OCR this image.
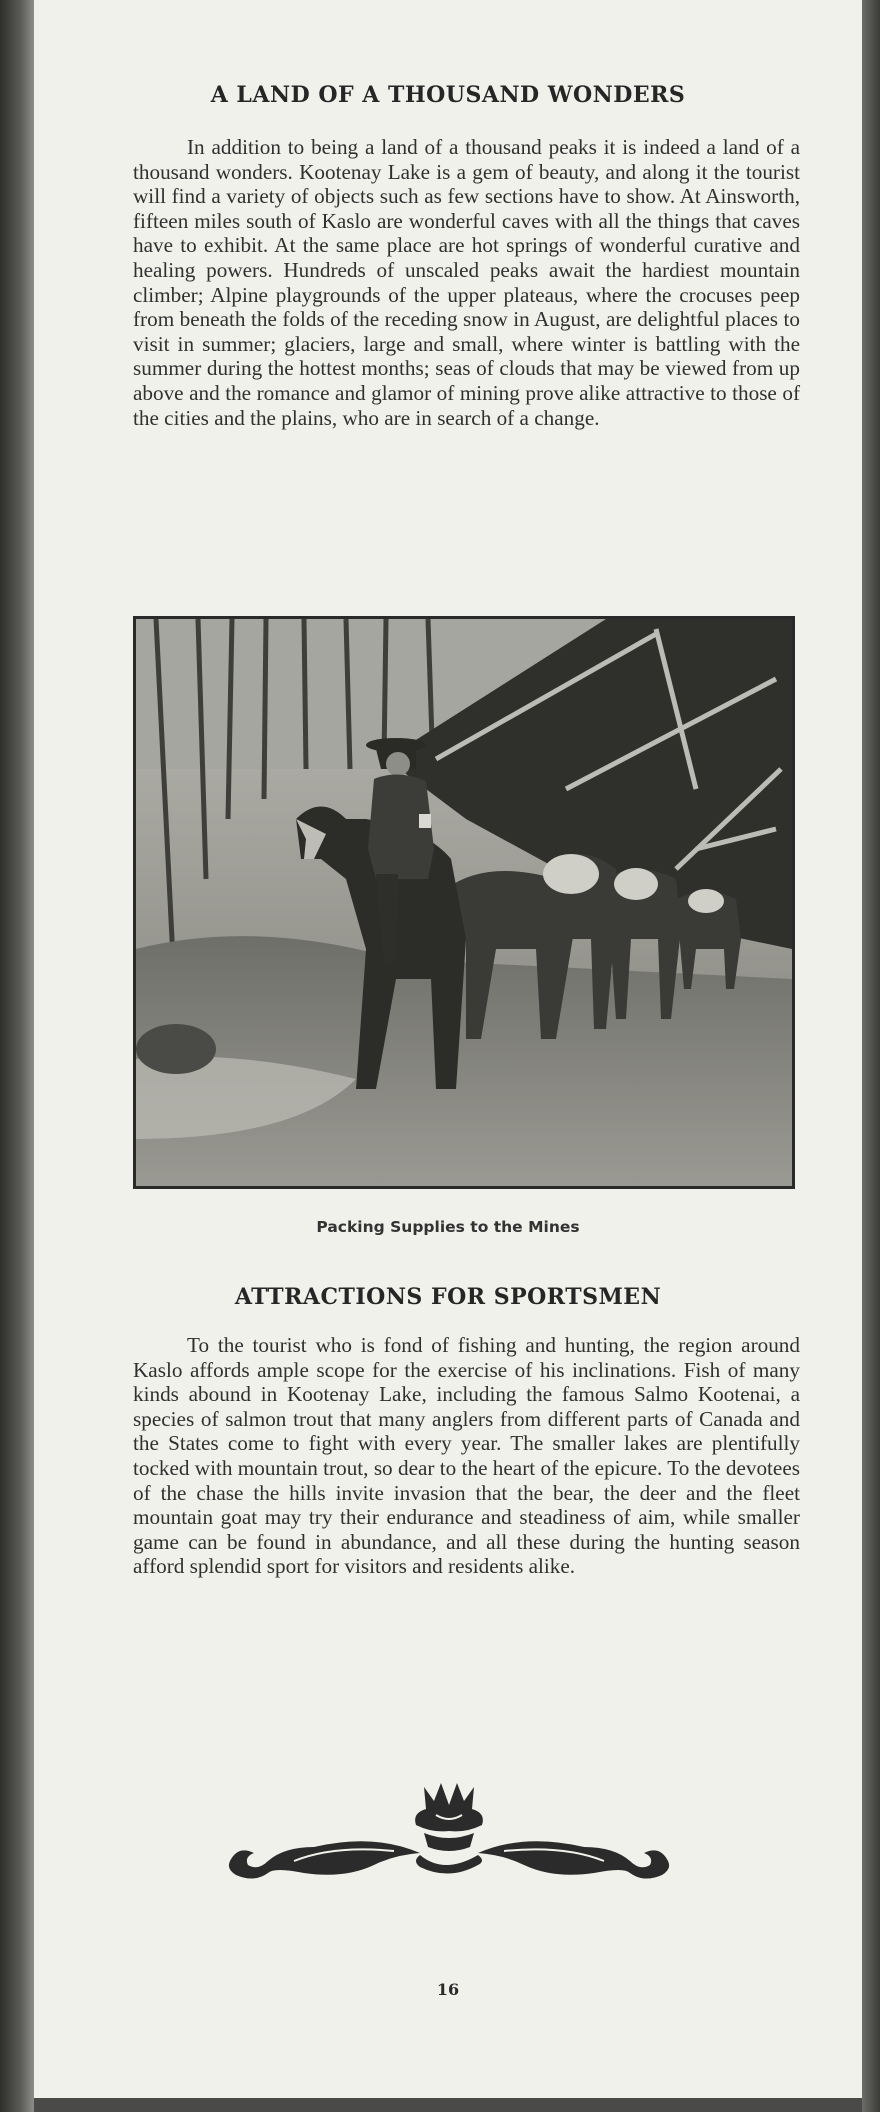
A LAND OF A THOUSAND WONDERS

In addition to being a land of a thousand peaks it is indeed a land of a thousand wonders. Kootenay Lake is a gem of beauty, and along it the tourist will find a variety of objects such as few sections have to show. At Ainsworth, fifteen miles south of Kaslo are wonderful caves with all the things that caves have to exhibit. At the same place are hot springs of wonderful curative and healing powers. Hundreds of unscaled peaks await the hardiest mountain climber; Alpine playgrounds of the upper plateaus, where the crocuses peep from beneath the folds of the receding snow in August, are delightful places to visit in summer; glaciers, large and small, where winter is battling with the summer during the hottest months; seas of clouds that may be viewed from up above and the romance and glamor of mining prove alike attractive to those of the cities and the plains, who are in search of a change.

Packing Supplies to the Mines

ATTRACTIONS FOR SPORTSMEN

To the tourist who is fond of fishing and hunting, the region around Kaslo affords ample scope for the exercise of his inclinations. Fish of many kinds abound in Kootenay Lake, including the famous Salmo Kootenai, a species of salmon trout that many anglers from different parts of Canada and the States come to fight with every year. The smaller lakes are plentifully tocked with mountain trout, so dear to the heart of the epicure. To the devotees of the chase the hills invite invasion that the bear, the deer and the fleet mountain goat may try their endurance and steadiness of aim, while smaller game can be found in abundance, and all these during the hunting season afford splendid sport for visitors and residents alike.

16
